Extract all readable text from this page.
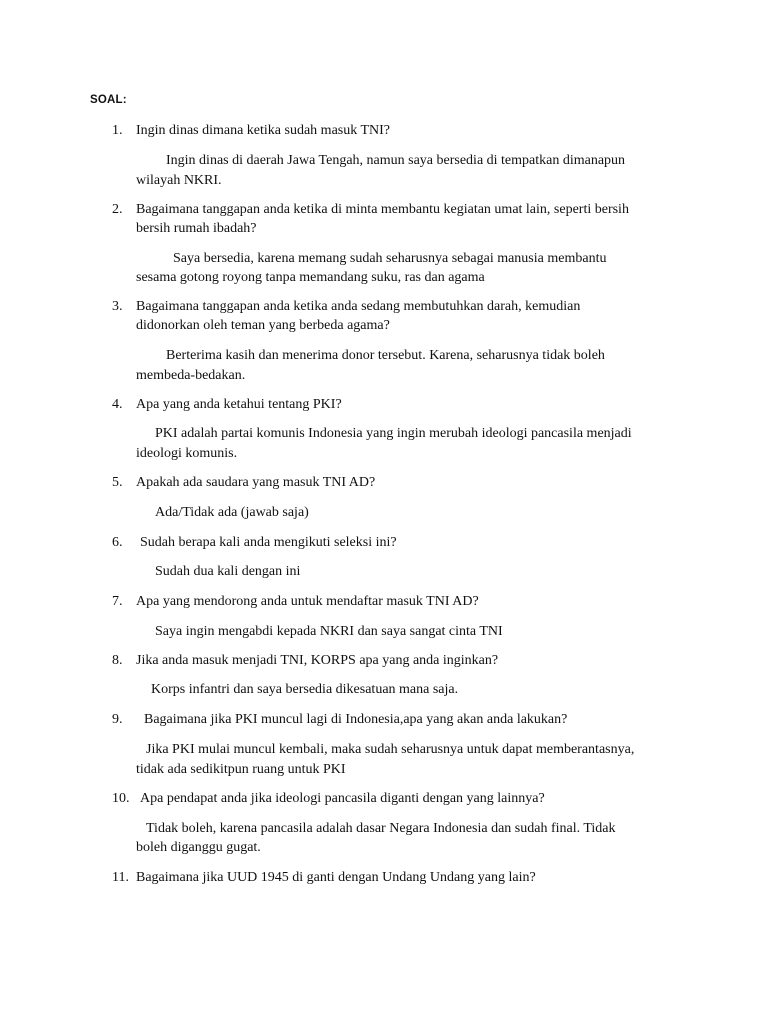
SOAL:
1. Ingin dinas dimana ketika sudah masuk TNI?
Ingin dinas di daerah Jawa Tengah, namun saya bersedia di tempatkan dimanapun
wilayah NKRI.
2. Bagaimana tanggapan anda ketika di minta membantu kegiatan umat lain, seperti bersih
bersih rumah ibadah?
Saya bersedia, karena memang sudah seharusnya sebagai manusia membantu
sesama gotong royong tanpa memandang suku, ras dan agama
3. Bagaimana tanggapan anda ketika anda sedang membutuhkan darah, kemudian
didonorkan oleh teman yang berbeda agama?
Berterima kasih dan menerima donor tersebut. Karena, seharusnya tidak boleh
membeda-bedakan.
4. Apa yang anda ketahui tentang PKI?
PKI adalah partai komunis Indonesia yang ingin merubah ideologi pancasila menjadi
ideologi komunis.
5. Apakah ada saudara yang masuk TNI AD?
Ada/Tidak ada (jawab saja)
6. Sudah berapa kali anda mengikuti seleksi ini?
Sudah dua kali dengan ini
7. Apa yang mendorong anda untuk mendaftar masuk TNI AD?
Saya ingin mengabdi kepada NKRI dan saya sangat cinta TNI
8. Jika anda masuk menjadi TNI, KORPS apa yang anda inginkan?
Korps infantri dan saya bersedia dikesatuan mana saja.
9. Bagaimana jika PKI muncul lagi di Indonesia,apa yang akan anda lakukan?
Jika PKI mulai muncul kembali, maka sudah seharusnya untuk dapat memberantasnya,
tidak ada sedikitpun ruang untuk PKI
10. Apa pendapat anda jika ideologi pancasila diganti dengan yang lainnya?
Tidak boleh, karena pancasila adalah dasar Negara Indonesia dan sudah final. Tidak
boleh diganggu gugat.
11. Bagaimana jika UUD 1945 di ganti dengan Undang Undang yang lain?
